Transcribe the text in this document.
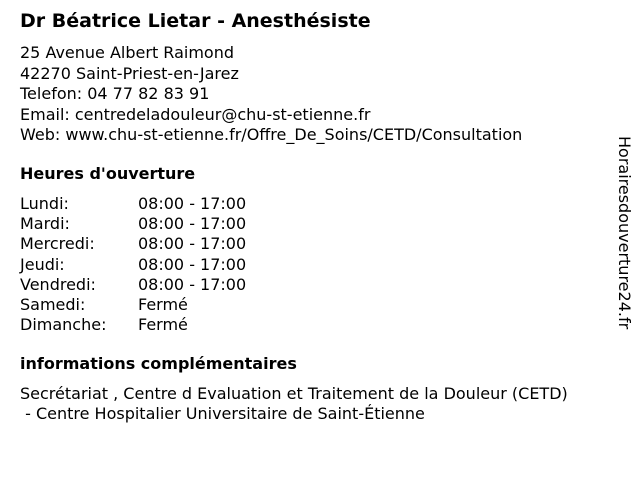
Dr Béatrice Lietar - Anesthésiste
25 Avenue Albert Raimond
42270 Saint-Priest-en-Jarez
Telefon: 04 77 82 83 91
Email: centredeladouleur@chu-st-etienne.fr
Web: www.chu-st-etienne.fr/Offre_De_Soins/CETD/Consultation
Heures d'ouverture
Lundi:	08:00 - 17:00
Mardi:	08:00 - 17:00
Mercredi:	08:00 - 17:00
Jeudi:	08:00 - 17:00
Vendredi:	08:00 - 17:00
Samedi:	Fermé
Dimanche: Fermé
informations complémentaires
Secrétariat , Centre d Evaluation et Traitement de la Douleur (CETD)
- Centre Hospitalier Universitaire de Saint-Étienne
Horairesdouverture24.fr
